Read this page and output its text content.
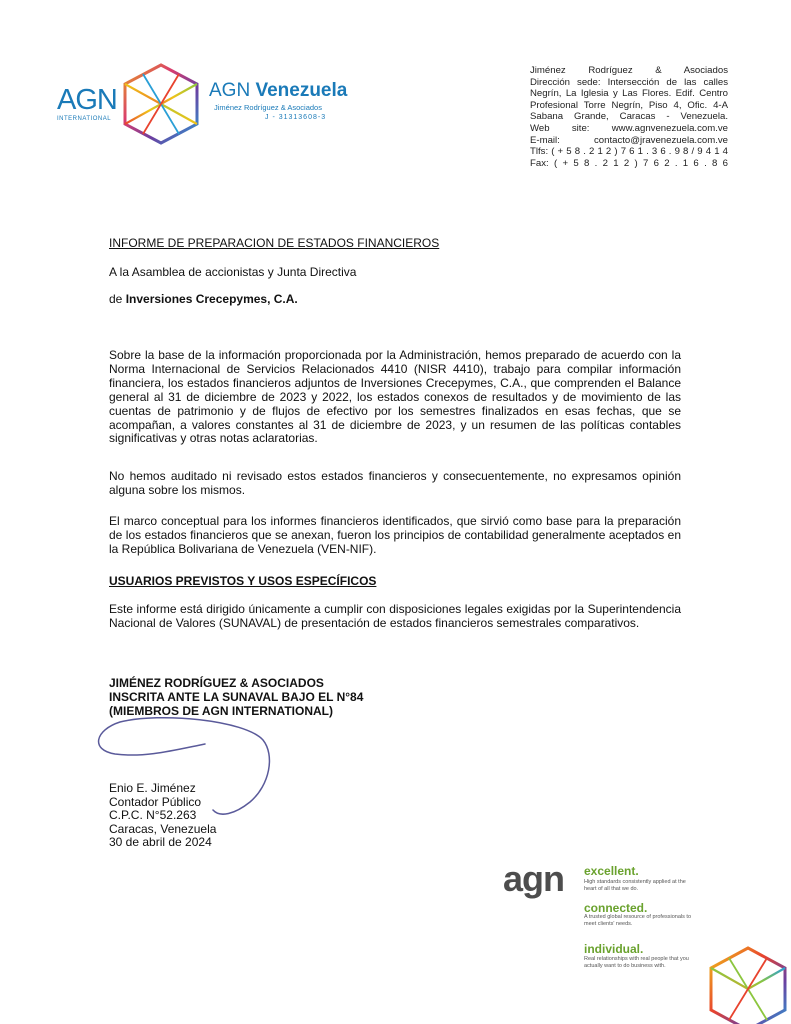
AGN
INTERNATIONAL
AGN Venezuela
Jiménez Rodríguez & Asociados
J - 31313608-3
Jiménez Rodríguez & Asociados
Dirección sede: Intersección de las calles
Negrín, La Iglesia y Las Flores. Edif. Centro
Profesional Torre Negrín, Piso 4, Ofic. 4-A
Sabana Grande, Caracas - Venezuela.
Web site: www.agnvenezuela.com.ve
E-mail: contacto@jravenezuela.com.ve
Tlfs: ( + 5 8 . 2 1 2 ) 7 6 1 . 3 6 . 9 8 / 9 4 1 4
Fax: ( + 5 8 . 2 1 2 ) 7 6 2 . 1 6 . 8 6
INFORME DE PREPARACION DE ESTADOS FINANCIEROS
A la Asamblea de accionistas y Junta Directiva
de Inversiones Crecepymes, C.A.

Sobre la base de la información proporcionada por la Administración, hemos preparado de acuerdo con la Norma Internacional de Servicios Relacionados 4410 (NISR 4410), trabajo para compilar información financiera, los estados financieros adjuntos de Inversiones Crecepymes, C.A., que comprenden el Balance general al 31 de diciembre de 2023 y 2022, los estados conexos de resultados y de movimiento de las cuentas de patrimonio y de flujos de efectivo por los semestres finalizados en esas fechas, que se acompañan, a valores constantes al 31 de diciembre de 2023, y un resumen de las políticas contables significativas y otras notas aclaratorias.

No hemos auditado ni revisado estos estados financieros y consecuentemente, no expresamos opinión alguna sobre los mismos.

El marco conceptual para los informes financieros identificados, que sirvió como base para la preparación de los estados financieros que se anexan, fueron los principios de contabilidad generalmente aceptados en la República Bolivariana de Venezuela (VEN-NIF).

USUARIOS PREVISTOS Y USOS ESPECÍFICOS

Este informe está dirigido únicamente a cumplir con disposiciones legales exigidas por la Superintendencia Nacional de Valores (SUNAVAL) de presentación de estados financieros semestrales comparativos.

JIMÉNEZ RODRÍGUEZ & ASOCIADOS
INSCRITA ANTE LA SUNAVAL BAJO EL N°84
(MIEMBROS DE AGN INTERNATIONAL)
Enio E. Jiménez
Contador Público
C.P.C. N°52.263
Caracas, Venezuela
30 de abril de 2024
agn excellent.
High standards consistently applied at the heart of all that we do.
connected.
A trusted global resource of professionals to meet clients' needs.
individual.
Real relationships with real people that you actually want to do business with.
